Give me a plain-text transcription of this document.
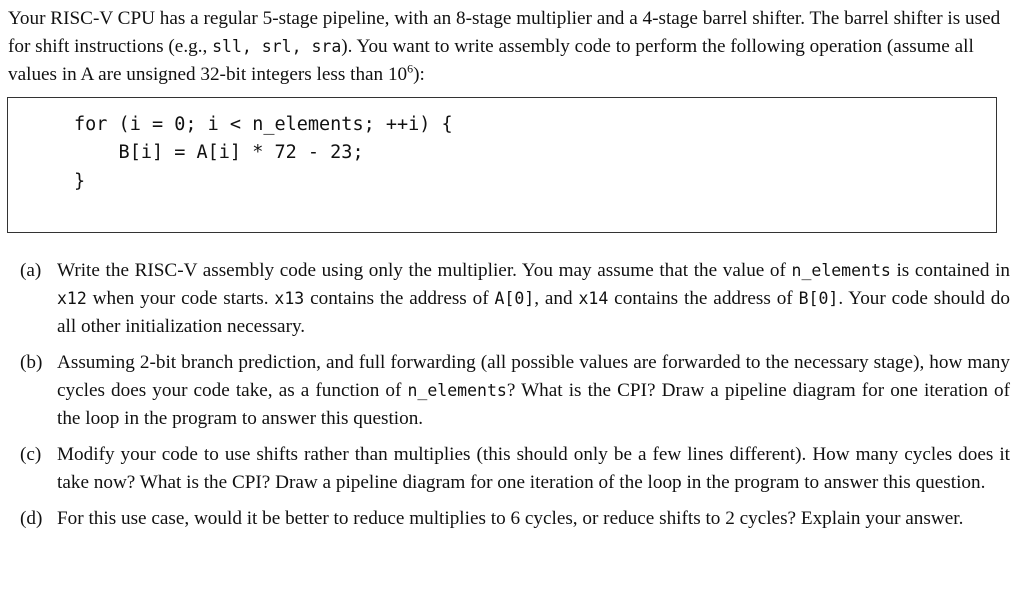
Your RISC-V CPU has a regular 5-stage pipeline, with an 8-stage multiplier and a 4-stage barrel shifter. The barrel shifter is used for shift instructions (e.g., sll, srl, sra). You want to write assembly code to perform the following operation (assume all values in A are unsigned 32-bit integers less than $10^6$):

for (i = 0; i < n_elements; ++i) {
B[i] = A[i] * 72 - 23;
}
(a) Write the RISC-V assembly code using only the multiplier. You may assume that the value of n_elements is contained in x12 when your code starts. x13 contains the address of A[0], and x14 contains the address of B[0]. Your code should do all other initialization necessary.
(b) Assuming 2-bit branch prediction, and full forwarding (all possible values are forwarded to the necessary stage), how many cycles does your code take, as a function of n_elements? What is the CPI? Draw a pipeline diagram for one iteration of the loop in the program to answer this question.
(c) Modify your code to use shifts rather than multiplies (this should only be a few lines different). How many cycles does it take now? What is the CPI? Draw a pipeline diagram for one iteration of the loop in the program to answer this question.
(d) For this use case, would it be better to reduce multiplies to 6 cycles, or reduce shifts to 2 cycles? Explain your answer.
